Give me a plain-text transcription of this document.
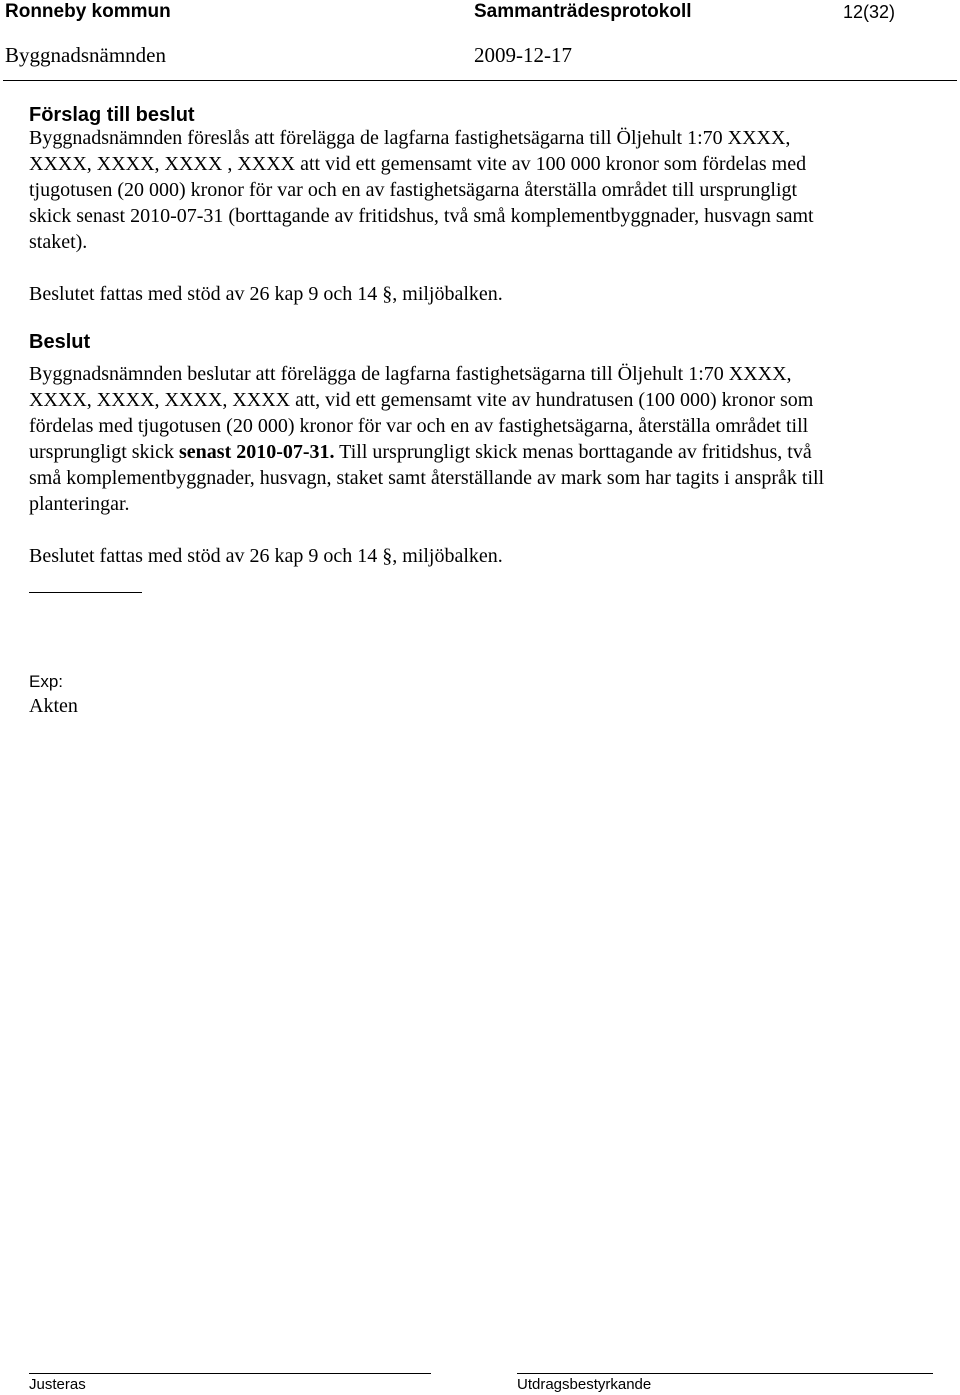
Ronneby kommun	Sammanträdesprotokoll	12(32)
Byggnadsnämnden	2009-12-17
Förslag till beslut
Byggnadsnämnden föreslås att förelägga de lagfarna fastighetsägarna till Öljehult 1:70 XXXX,
XXXX, XXXX, XXXX , XXXX att vid ett gemensamt vite av 100 000 kronor som fördelas med
tjugotusen (20 000) kronor för var och en av fastighetsägarna återställa området till ursprungligt
skick senast 2010-07-31 (borttagande av fritidshus, två små komplementbyggnader, husvagn samt
staket).
Beslutet fattas med stöd av 26 kap 9 och 14 §, miljöbalken.
Beslut
Byggnadsnämnden beslutar att förelägga de lagfarna fastighetsägarna till Öljehult 1:70 XXXX,
XXXX, XXXX, XXXX, XXXX att, vid ett gemensamt vite av hundratusen (100 000) kronor som
fördelas med tjugotusen (20 000) kronor för var och en av fastighetsägarna, återställa området till
ursprungligt skick senast 2010-07-31. Till ursprungligt skick menas borttagande av fritidshus, två
små komplementbyggnader, husvagn, staket samt återställande av mark som har tagits i anspråk till
planteringar.
Beslutet fattas med stöd av 26 kap 9 och 14 §, miljöbalken.
Exp:
Akten
Justeras	Utdragsbestyrkande
